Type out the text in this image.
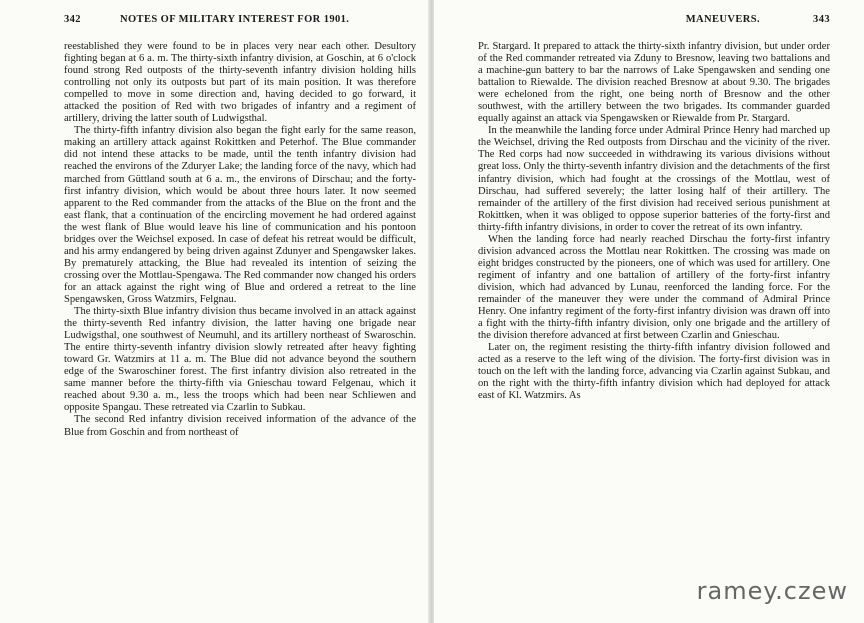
342	NOTES OF MILITARY INTEREST FOR 1901.

reestablished they were found to be in places very near each other. Desultory fighting began at 6 a. m. The thirty-sixth infantry division, at Goschin, at 6 o'clock found strong Red outposts of the thirty-seventh infantry division holding hills controlling not only its outposts but part of its main position. It was therefore compelled to move in some direction and, having decided to go forward, it attacked the position of Red with two brigades of infantry and a regiment of artillery, driving the latter south of Ludwigsthal.

The thirty-fifth infantry division also began the fight early for the same reason, making an artillery attack against Rokittken and Peterhof. The Blue commander did not intend these attacks to be made, until the tenth infantry division had reached the environs of the Zduryer Lake; the landing force of the navy, which had marched from Güttland south at 6 a. m., the environs of Dirschau; and the forty-first infantry division, which would be about three hours later. It now seemed apparent to the Red commander from the attacks of the Blue on the front and the east flank, that a continuation of the encircling movement he had ordered against the west flank of Blue would leave his line of communication and his pontoon bridges over the Weichsel exposed. In case of defeat his retreat would be difficult, and his army endangered by being driven against Zdunyer and Spengawsker lakes. By prematurely attacking, the Blue had revealed its intention of seizing the crossing over the Mottlau-Spengawa. The Red commander now changed his orders for an attack against the right wing of Blue and ordered a retreat to the line Spengawsken, Gross Watzmirs, Felgnau.

The thirty-sixth Blue infantry division thus became involved in an attack against the thirty-seventh Red infantry division, the latter having one brigade near Ludwigsthal, one southwest of Neumuhl, and its artillery northeast of Swaroschin. The entire thirty-seventh infantry division slowly retreated after heavy fighting toward Gr. Watzmirs at 11 a. m. The Blue did not advance beyond the southern edge of the Swaroschiner forest. The first infantry division also retreated in the same manner before the thirty-fifth via Gnieschau toward Felgenau, which it reached about 9.30 a. m., less the troops which had been near Schliewen and opposite Spangau. These retreated via Czarlin to Subkau.

The second Red infantry division received information of the advance of the Blue from Goschin and from northeast of

MANEUVERS.	343

Pr. Stargard. It prepared to attack the thirty-sixth infantry division, but under order of the Red commander retreated via Zduny to Bresnow, leaving two battalions and a machine-gun battery to bar the narrows of Lake Spengawsken and sending one battalion to Riewalde. The division reached Bresnow at about 9.30. The brigades were echeloned from the right, one being north of Bresnow and the other southwest, with the artillery between the two brigades. Its commander guarded equally against an attack via Spengawsken or Riewalde from Pr. Stargard.

In the meanwhile the landing force under Admiral Prince Henry had marched up the Weichsel, driving the Red outposts from Dirschau and the vicinity of the river. The Red corps had now succeeded in withdrawing its various divisions without great loss. Only the thirty-seventh infantry division and the detachments of the first infantry division, which had fought at the crossings of the Mottlau, west of Dirschau, had suffered severely; the latter losing half of their artillery. The remainder of the artillery of the first division had received serious punishment at Rokittken, when it was obliged to oppose superior batteries of the forty-first and thirty-fifth infantry divisions, in order to cover the retreat of its own infantry.

When the landing force had nearly reached Dirschau the forty-first infantry division advanced across the Mottlau near Rokittken. The crossing was made on eight bridges constructed by the pioneers, one of which was used for artillery. One regiment of infantry and one battalion of artillery of the forty-first infantry division, which had advanced by Lunau, reenforced the landing force. For the remainder of the maneuver they were under the command of Admiral Prince Henry. One infantry regiment of the forty-first infantry division was drawn off into a fight with the thirty-fifth infantry division, only one brigade and the artillery of the division therefore advanced at first between Czarlin and Gnieschau.

Later on, the regiment resisting the thirty-fifth infantry division followed and acted as a reserve to the left wing of the division. The forty-first division was in touch on the left with the landing force, advancing via Czarlin against Subkau, and on the right with the thirty-fifth infantry division which had deployed for attack east of Kl. Watzmirs. As

ramey.czew
